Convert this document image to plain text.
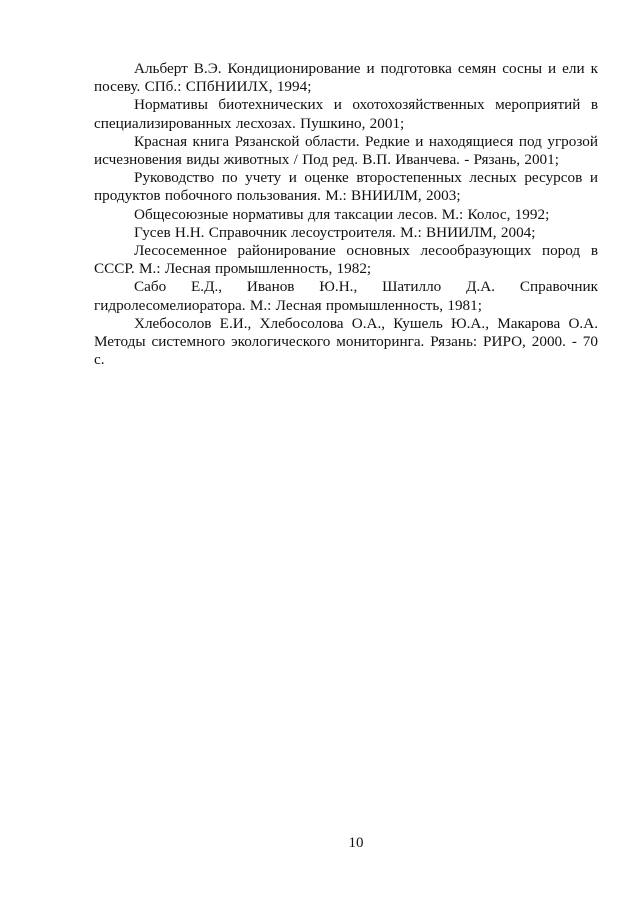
Альберт В.Э. Кондиционирование и подготовка семян сосны и ели к посеву. СПб.: СПбНИИЛХ, 1994;

Нормативы биотехнических и охотохозяйственных мероприятий в специализированных лесхозах. Пушкино, 2001;

Красная книга Рязанской области. Редкие и находящиеся под угрозой исчезновения виды животных / Под ред. В.П. Иванчева. - Рязань, 2001;

Руководство по учету и оценке второстепенных лесных ресурсов и продуктов побочного пользования. М.: ВНИИЛМ, 2003;

Общесоюзные нормативы для таксации лесов. М.: Колос, 1992;

Гусев Н.Н. Справочник лесоустроителя. М.: ВНИИЛМ, 2004;

Лесосеменное районирование основных лесообразующих пород в СССР. М.: Лесная промышленность, 1982;

Сабо Е.Д., Иванов Ю.Н., Шатилло Д.А. Справочник гидролесомелиоратора. М.: Лесная промышленность, 1981;

Хлебосолов Е.И., Хлебосолова О.А., Кушель Ю.А., Макарова О.А. Методы системного экологического мониторинга. Рязань: РИРО, 2000. - 70 с.

10
